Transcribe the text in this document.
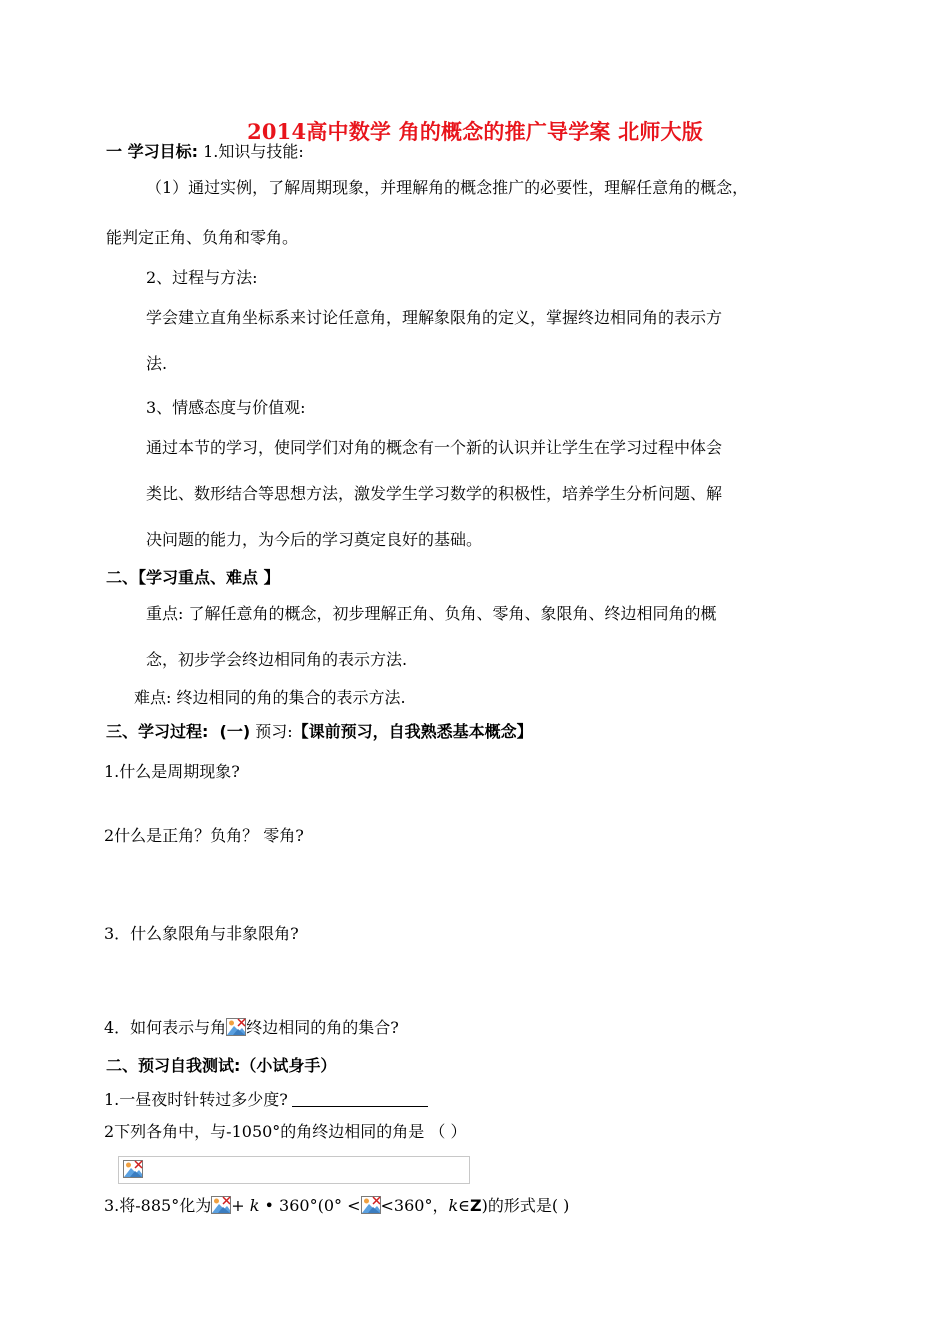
2014高中数学 角的概念的推广导学案 北师大版
一 学习目标: 1.知识与技能:
（1）通过实例，了解周期现象，并理解角的概念推广的必要性，理解任意角的概念，
能判定正角、负角和零角。
2、过程与方法:
学会建立直角坐标系来讨论任意角，理解象限角的定义，掌握终边相同角的表示方
法.
3、情感态度与价值观:
通过本节的学习，使同学们对角的概念有一个新的认识并让学生在学习过程中体会
类比、数形结合等思想方法，激发学生学习数学的积极性，培养学生分析问题、解
决问题的能力，为今后的学习奠定良好的基础。
二、【学习重点、难点 】
重点: 了解任意角的概念，初步理解正角、负角、零角、象限角、终边相同角的概
念，初步学会终边相同角的表示方法.
难点: 终边相同的角的集合的表示方法.
三、学习过程: (一) 预习:【课前预习，自我熟悉基本概念】
1.什么是周期现象?
2什么是正角？负角？ 零角?
3．什么象限角与非象限角?
4．如何表示与角 终边相同的角的集合?
二、预习自我测试:（小试身手）
1.一昼夜时针转过多少度?
2下列各角中，与-1050°的角终边相同的角是 （ ）
3.将-885°化为 + k • 360°(0° < <360°，k∈Z)的形式是( )
